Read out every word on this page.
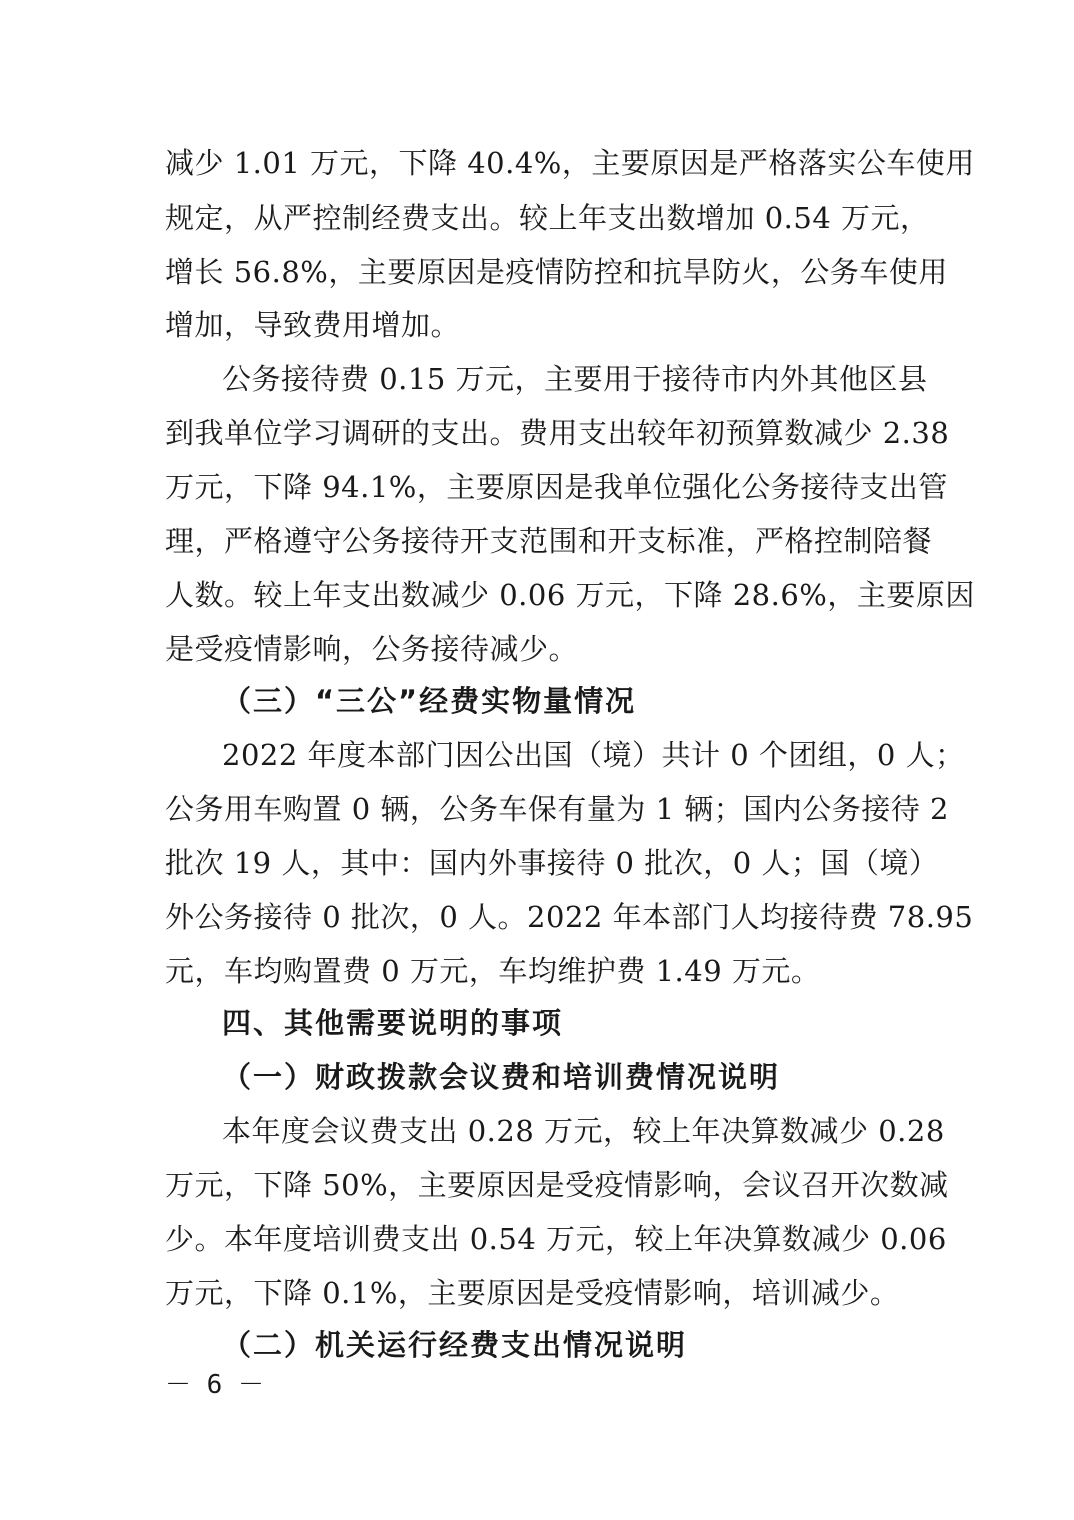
减少 1.01 万元，下降 40.4%，主要原因是严格落实公车使用
规定，从严控制经费支出。较上年支出数增加 0.54 万元，
增长 56.8%，主要原因是疫情防控和抗旱防火，公务车使用
增加，导致费用增加。
公务接待费 0.15 万元，主要用于接待市内外其他区县
到我单位学习调研的支出。费用支出较年初预算数减少 2.38
万元，下降 94.1%，主要原因是我单位强化公务接待支出管
理，严格遵守公务接待开支范围和开支标准，严格控制陪餐
人数。较上年支出数减少 0.06 万元，下降 28.6%，主要原因
是受疫情影响，公务接待减少。
（三）“三公”经费实物量情况
2022 年度本部门因公出国（境）共计 0 个团组，0 人；
公务用车购置 0 辆，公务车保有量为 1 辆；国内公务接待 2
批次 19 人，其中：国内外事接待 0 批次，0 人；国（境）
外公务接待 0 批次，0 人。2022 年本部门人均接待费 78.95
元，车均购置费 0 万元，车均维护费 1.49 万元。
四、其他需要说明的事项
（一）财政拨款会议费和培训费情况说明
本年度会议费支出 0.28 万元，较上年决算数减少 0.28
万元，下降 50%，主要原因是受疫情影响，会议召开次数减
少。本年度培训费支出 0.54 万元，较上年决算数减少 0.06
万元，下降 0.1%，主要原因是受疫情影响，培训减少。
（二）机关运行经费支出情况说明
－ 6 －
